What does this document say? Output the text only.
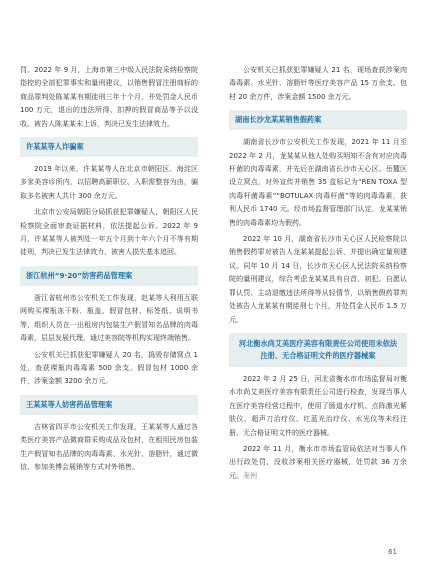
罚。2022 年 9 月，上海市第三中级人民法院采纳检察院指控的全部犯罪事实和量刑建议，以销售假冒注册商标的商品罪判处陈某某有期徒刑三年十个月，并处罚金人民币 100 万元，退出的违法所得、扣押的假冒商品等予以没收。被告人陈某某未上诉，判决已发生法律效力。

许某某等人诈骗案

2019 年以来，许某某等人在北京市朝阳区、海淀区多家美容诊所内，以招聘高薪职位、入职需整容为由，骗取多名被害人共计 300 余万元。

北京市公安局朝阳分局抓获犯罪嫌疑人，朝阳区人民检察院全面审查证据材料，依法提起公诉。2022 年 9 月，许某某等人被判处一年五个月到十年六个月不等有期徒刑，判决已发生法律效力，被害人损失基本追回。

浙江杭州“9·20”妨害药品管理案

浙江省杭州市公安机关工作发现，赵某等人利用互联网购买裸瓶冻干粉、瓶盖、假冒包材、标签纸、说明书等，组织人员在一出租房内包装生产假冒知名品牌的肉毒毒素，层层发展代理，通过美容院等机构实现终端销售。

公安机关已抓获犯罪嫌疑人 20 名，捣毁存储窝点 1 处，查获裸瓶肉毒毒素 500 余支、假冒包材 1000 余件，涉案金额 3200 余万元。

王某某等人妨害药品管理案

吉林省四平市公安机关工作发现，王某某等人通过各类医疗美容产品微商群采购成品及包材，在租用民房包装生产假冒知名品牌的肉毒毒素、水光针、溶脂针，通过微信、参加美博会展销等方式对外销售。

公安机关已抓获犯罪嫌疑人 21 名，现场查获涉案肉毒毒素、水光针、溶脂针等医疗美容产品 15 万余支、包材 20 余万件，涉案金额 1500 余万元。

湖南长沙龙某某销售假药案

湖南省长沙市公安机关工作发现，2021 年 11 月至 2022 年 2 月，龙某某从他人处购买明知不含有对应肉毒杆菌的肉毒毒素，并先后在湖南省长沙市天心区、岳麓区设立窝点，对外宣传并销售 35 盒标记为“REN TOXA 型肉毒杆菌毒素”“BOTULAX 肉毒杆菌”等的肉毒毒素，获利人民币 1740 元。经市场监督管理部门认定，龙某某销售的肉毒毒素均为假药。

2022 年 10 月，湖南省长沙市天心区人民检察院以销售假药罪对被告人龙某某提起公诉，并提出确定量刑建议。同年 10 月 14 日，长沙市天心区人民法院采纳检察院的量刑建议，综合考虑龙某某具有自首、初犯、自愿认罪认罚、主动退缴违法所得等从轻情节，以销售假药罪判处被告人龙某某有期徒刑七个月，并处罚金人民币 1.5 万元。

河北衡水尚艾美医疗美容有限责任公司使用未依法注册、无合格证明文件的医疗器械案

2022 年 2 月 25 日，河北省衡水市市场监督局对衡水市尚艾美医疗美容有限责任公司进行检查，发现当事人在医疗美容经营过程中，使用了肠道水疗机、点阵激光紫肤仪、超声刀治疗仪、红蓝光治疗仪、水光仪等未经注册、无合格证明文件的医疗器械。

2022 年 11 月，衡水市市场监管局依法对当事人作出行政处罚，没收涉案相关医疗器械，处罚款 36 万余元。案例

61
